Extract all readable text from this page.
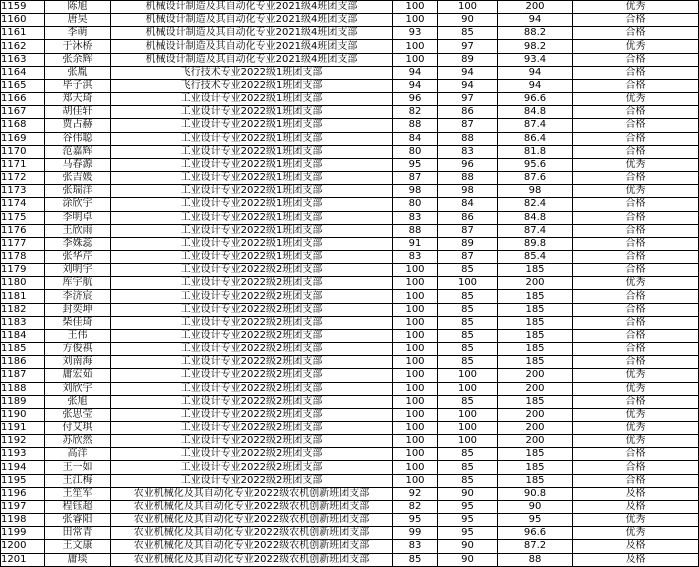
1159	陈旭	机械设计制造及其自动化专业2021级4班团支部	100	100	200	优秀
1160	唐昊	机械设计制造及其自动化专业2021级4班团支部	100	90	94	合格
1161	李萌	机械设计制造及其自动化专业2021级4班团支部	93	85	88.2	合格
1162	于沐桥	机械设计制造及其自动化专业2021级4班团支部	100	97	98.2	优秀
1163	张余辉	机械设计制造及其自动化专业2021级4班团支部	100	89	93.4	合格
1164	张胤	飞行技术专业2022级1班团支部	94	94	94	合格
1165	毕子淇	飞行技术专业2022级1班团支部	94	94	94	合格
1166	郑天琦	工业设计专业2022级1班团支部	96	97	96.6	优秀
1167	胡佳轩	工业设计专业2022级1班团支部	82	86	84.8	合格
1168	贾占赫	工业设计专业2022级1班团支部	88	87	87.4	合格
1169	谷伟聪	工业设计专业2022级1班团支部	84	88	86.4	合格
1170	范嘉辉	工业设计专业2022级1班团支部	80	83	81.8	合格
1171	马春源	工业设计专业2022级1班团支部	95	96	95.6	优秀
1172	张吉媛	工业设计专业2022级1班团支部	87	88	87.6	合格
1173	张瑞洋	工业设计专业2022级1班团支部	98	98	98	优秀
1174	涂欣宇	工业设计专业2022级1班团支部	80	84	82.4	合格
1175	李明卓	工业设计专业2022级1班团支部	83	86	84.8	合格
1176	王欣雨	工业设计专业2022级1班团支部	88	87	87.4	合格
1177	李姝蕊	工业设计专业2022级1班团支部	91	89	89.8	合格
1178	张华芹	工业设计专业2022级1班团支部	83	87	85.4	合格
1179	刘明宇	工业设计专业2022级2班团支部	100	85	185	合格
1180	库宇航	工业设计专业2022级2班团支部	100	100	200	优秀
1181	李济宸	工业设计专业2022级2班团支部	100	85	185	合格
1182	封奕坤	工业设计专业2022级2班团支部	100	85	185	合格
1183	柴佳琦	工业设计专业2022级2班团支部	100	85	185	合格
1184	王伟	工业设计专业2022级2班团支部	100	85	185	合格
1185	方俊祺	工业设计专业2022级2班团支部	100	85	185	合格
1186	刘南海	工业设计专业2022级2班团支部	100	85	185	合格
1187	庸宏茹	工业设计专业2022级2班团支部	100	100	200	优秀
1188	刘欣宇	工业设计专业2022级2班团支部	100	100	200	优秀
1189	张旭	工业设计专业2022级2班团支部	100	85	185	合格
1190	张思莹	工业设计专业2022级2班团支部	100	100	200	优秀
1191	付艾琪	工业设计专业2022级2班团支部	100	100	200	优秀
1192	苏欣然	工业设计专业2022级2班团支部	100	100	200	优秀
1193	高洋	工业设计专业2022级2班团支部	100	85	185	合格
1194	王一如	工业设计专业2022级2班团支部	100	85	185	合格
1195	王江梅	工业设计专业2022级2班团支部	100	85	185	合格
1196	王笙军	农业机械化及其自动化专业2022级农机创新班团支部	92	90	90.8	及格
1197	程钰超	农业机械化及其自动化专业2022级农机创新班团支部	82	95	90	及格
1198	张睿阳	农业机械化及其自动化专业2022级农机创新班团支部	95	95	95	优秀
1199	田常青	农业机械化及其自动化专业2022级农机创新班团支部	99	95	96.6	优秀
1200	王文康	农业机械化及其自动化专业2022级农机创新班团支部	83	90	87.2	及格
1201	庸琰	农业机械化及其自动化专业2022级农机创新班团支部	85	90	88	及格
